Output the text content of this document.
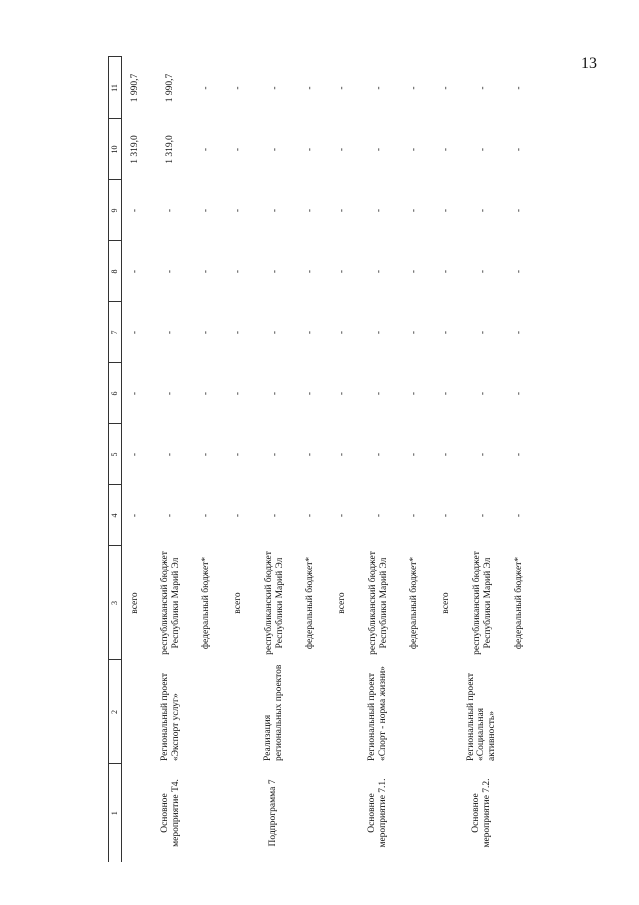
13
1	2	3	4	5	6	7	8	9	10	11
Основное мероприятие Т4.	Региональный проект «Экспорт услуг»	всего	-	-	-	-	-	-	1 319,0	1 990,7
		республиканский бюджет Республики Марий Эл	-	-	-	-	-	-	1 319,0	1 990,7
		федеральный бюджет*	-	-	-	-	-	-	-	-
Подпрограмма 7	Реализация региональных проектов	всего	-	-	-	-	-	-	-	-
		республиканский бюджет Республики Марий Эл	-	-	-	-	-	-	-	-
		федеральный бюджет*	-	-	-	-	-	-	-	-
Основное мероприятие 7.1.	Региональный проект «Спорт - норма жизни»	всего	-	-	-	-	-	-	-	-
		республиканский бюджет Республики Марий Эл	-	-	-	-	-	-	-	-
		федеральный бюджет*	-	-	-	-	-	-	-	-
Основное мероприятие 7.2.	Региональный проект «Социальная активность»	всего	-	-	-	-	-	-	-	-
		республиканский бюджет Республики Марий Эл	-	-	-	-	-	-	-	-
		федеральный бюджет*	-	-	-	-	-	-	-	-
